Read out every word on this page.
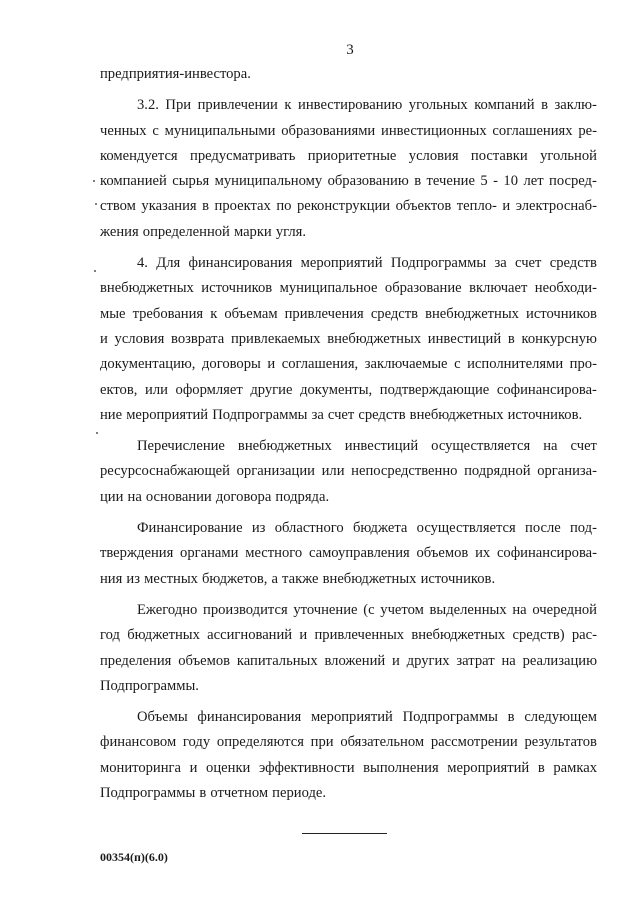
3
предприятия-инвестора.
3.2. При привлечении к инвестированию угольных компаний в заклю-
ченных с муниципальными образованиями инвестиционных соглашениях ре-
комендуется предусматривать приоритетные условия поставки угольной
компанией сырья муниципальному образованию в течение 5 - 10 лет посред-
ством указания в проектах по реконструкции объектов тепло- и электроснаб-
жения определенной марки угля.
4. Для финансирования мероприятий Подпрограммы за счет средств
внебюджетных источников муниципальное образование включает необходи-
мые требования к объемам привлечения средств внебюджетных источников
и условия возврата привлекаемых внебюджетных инвестиций в конкурсную
документацию, договоры и соглашения, заключаемые с исполнителями про-
ектов, или оформляет другие документы, подтверждающие софинансирова-
ние мероприятий Подпрограммы за счет средств внебюджетных источников.
Перечисление внебюджетных инвестиций осуществляется на счет
ресурсоснабжающей организации или непосредственно подрядной организа-
ции на основании договора подряда.
Финансирование из областного бюджета осуществляется после под-
тверждения органами местного самоуправления объемов их софинансирова-
ния из местных бюджетов, а также внебюджетных источников.
Ежегодно производится уточнение (с учетом выделенных на очередной
год бюджетных ассигнований и привлеченных внебюджетных средств) рас-
пределения объемов капитальных вложений и других затрат на реализацию
Подпрограммы.
Объемы финансирования мероприятий Подпрограммы в следующем
финансовом году определяются при обязательном рассмотрении результатов
мониторинга и оценки эффективности выполнения мероприятий в рамках
Подпрограммы в отчетном периоде.
00354(п)(6.0)
